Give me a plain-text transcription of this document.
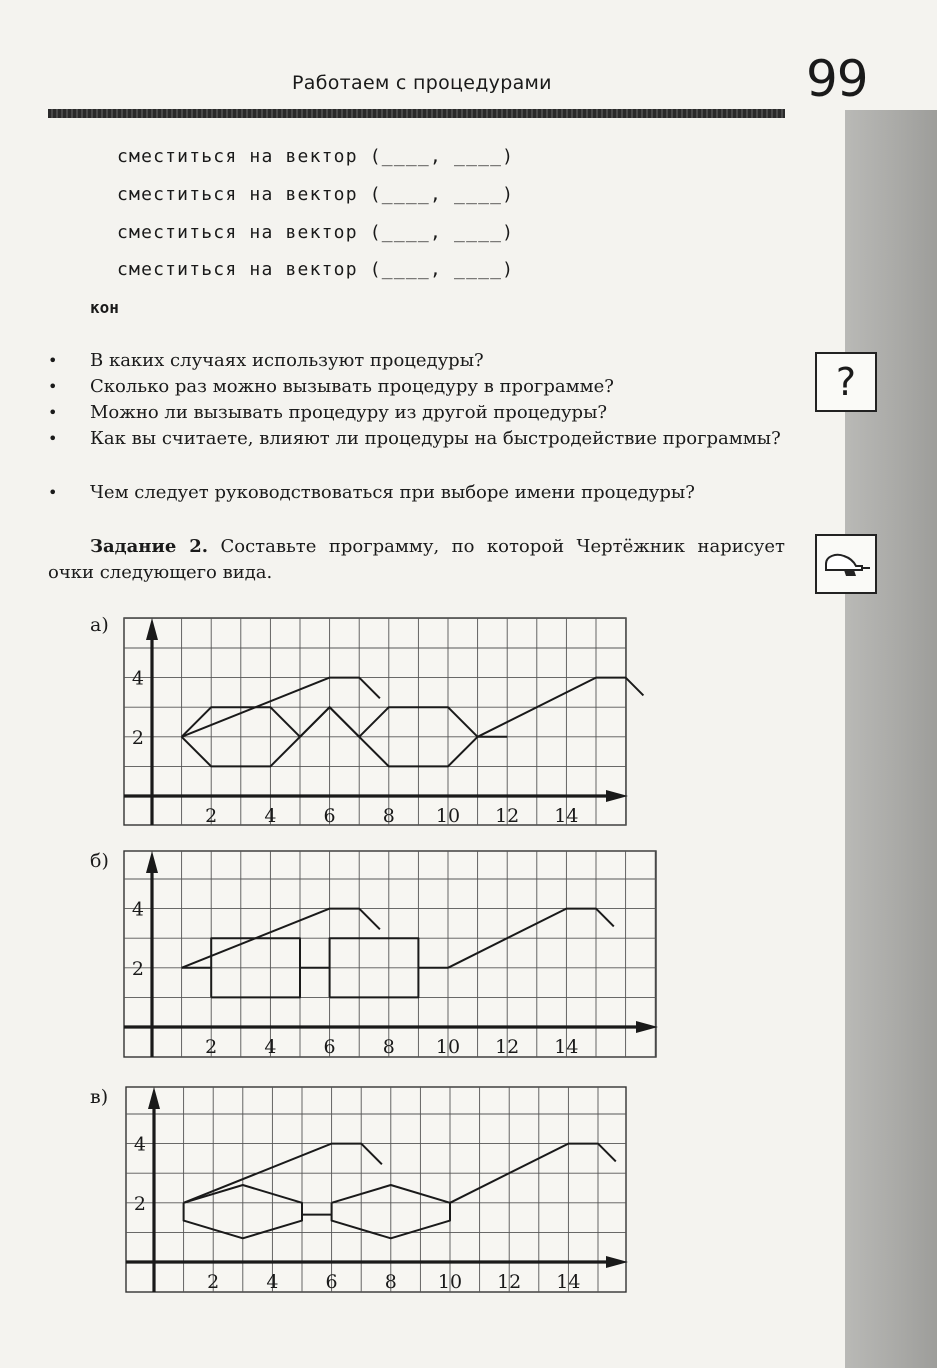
Работаем с процедурами	99
сместиться на вектор (____, ____)
сместиться на вектор (____, ____)
сместиться на вектор (____, ____)
сместиться на вектор (____, ____)
кон
• В каких случаях используют процедуры?
• Сколько раз можно вызывать процедуру в программе?
• Можно ли вызывать процедуру из другой процедуры?
• Как вы считаете, влияют ли процедуры на быстродействие программы?
• Чем следует руководствоваться при выборе имени процедуры?
?
Задание 2. Составьте программу, по которой Чертёжник нарисует очки следующего вида.
а)
б)
в)
2 4 6 8 10 12 14
2
4
2 4 6 8 10 12 14
2
4
2 4 6 8 10 12 14
2
4
